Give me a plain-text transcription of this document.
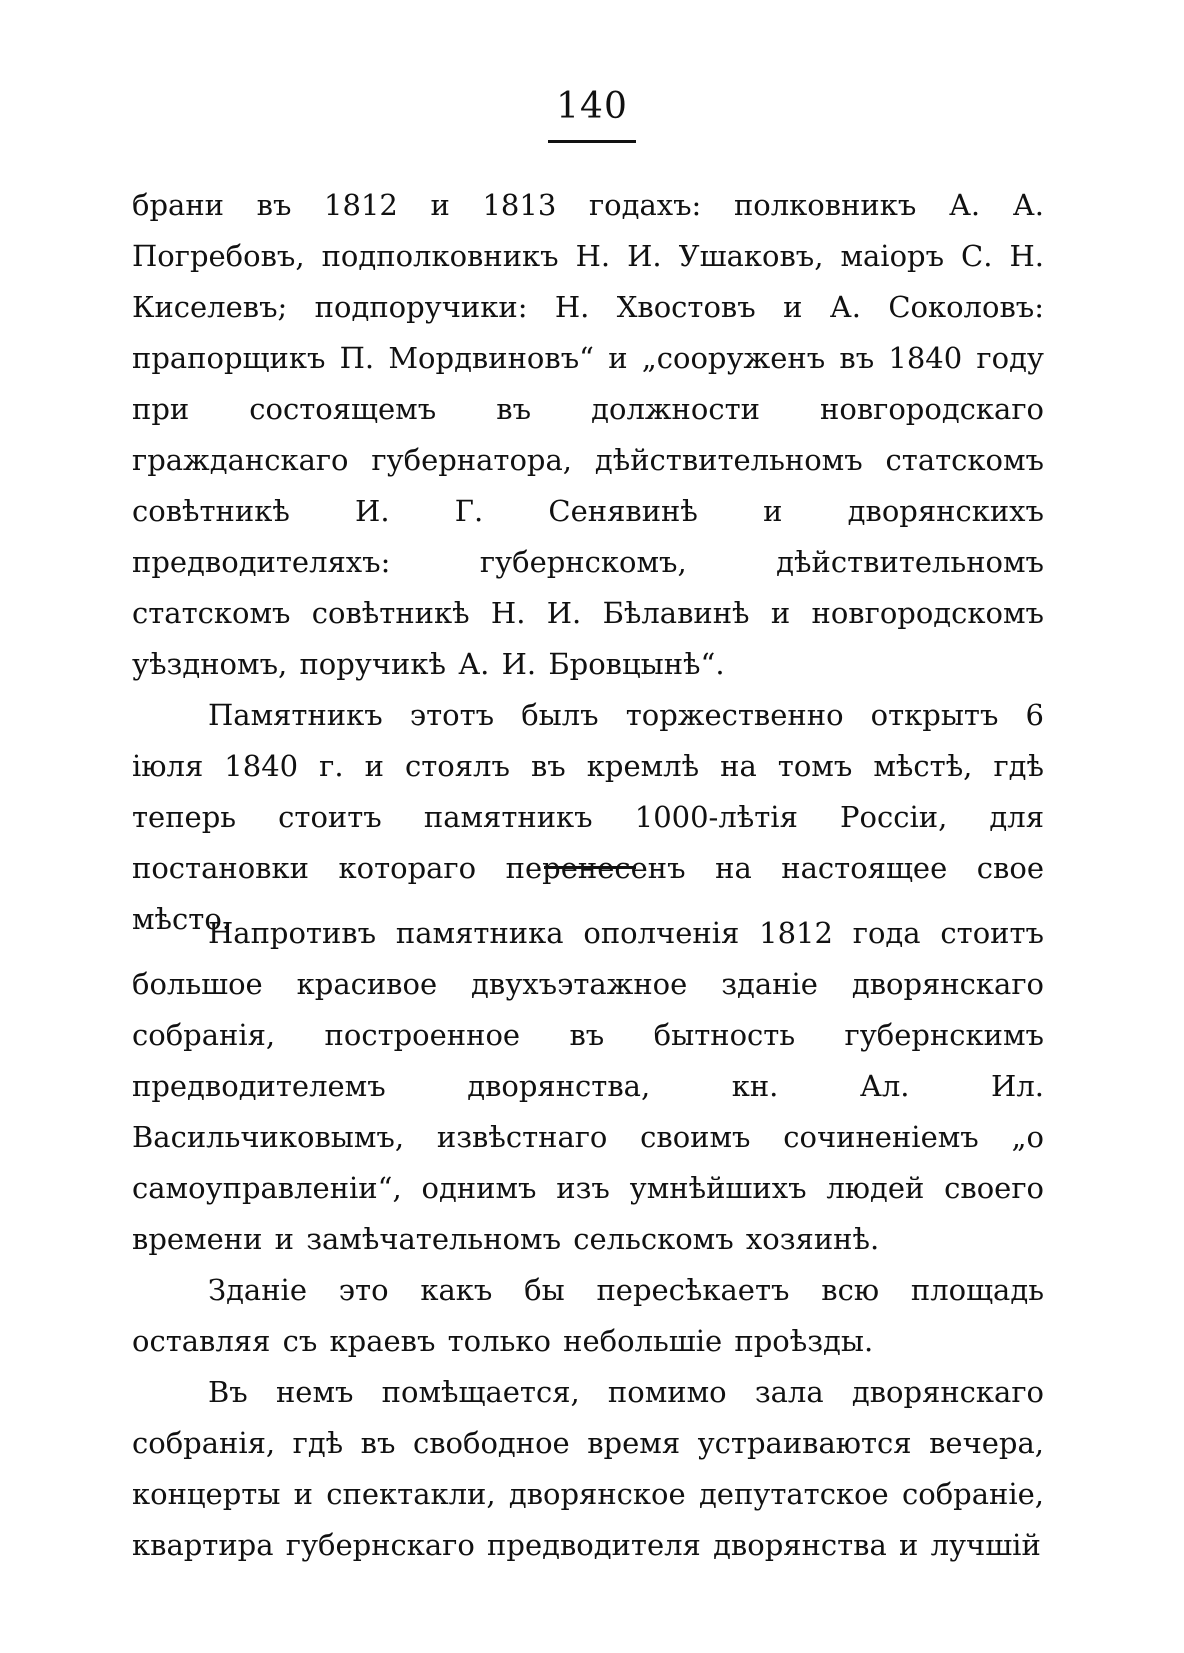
140

брани въ 1812 и 1813 годахъ: полковникъ А. А. Погребовъ, подполковникъ Н. И. Ушаковъ, маіоръ С. Н. Киселевъ; подпоручики: Н. Хвостовъ и А. Соколовъ: прапорщикъ П. Мордвиновъ“ и „сооруженъ въ 1840 году при состоящемъ въ должности новгородскаго гражданскаго губернатора, дѣйствительномъ статскомъ совѣтникѣ И. Г. Сенявинѣ и дворянскихъ предводителяхъ: губернскомъ, дѣйствительномъ статскомъ совѣтникѣ Н. И. Бѣлавинѣ и новгородскомъ уѣздномъ, поручикѣ А. И. Бровцынѣ“.

Памятникъ этотъ былъ торжественно открытъ 6 іюля 1840 г. и стоялъ въ кремлѣ на томъ мѣстѣ, гдѣ теперь стоитъ памятникъ 1000-лѣтія Россіи, для постановки котораго перенесенъ на настоящее свое мѣсто.

Напротивъ памятника ополченія 1812 года стоитъ большое красивое двухъэтажное зданіе дворянскаго собранія, построенное въ бытность губернскимъ предводителемъ дворянства, кн. Ал. Ил. Васильчиковымъ, извѣстнаго своимъ сочиненіемъ „о самоуправленіи“, однимъ изъ умнѣйшихъ людей своего времени и замѣчательномъ сельскомъ хозяинѣ.

Зданіе это какъ бы пересѣкаетъ всю площадь оставляя съ краевъ только небольшіе проѣзды.

Въ немъ помѣщается, помимо зала дворянскаго собранія, гдѣ въ свободное время устраиваются вечера, концерты и спектакли, дворянское депутатское собраніе, квартира губернскаго предводителя дворянства и лучшій
